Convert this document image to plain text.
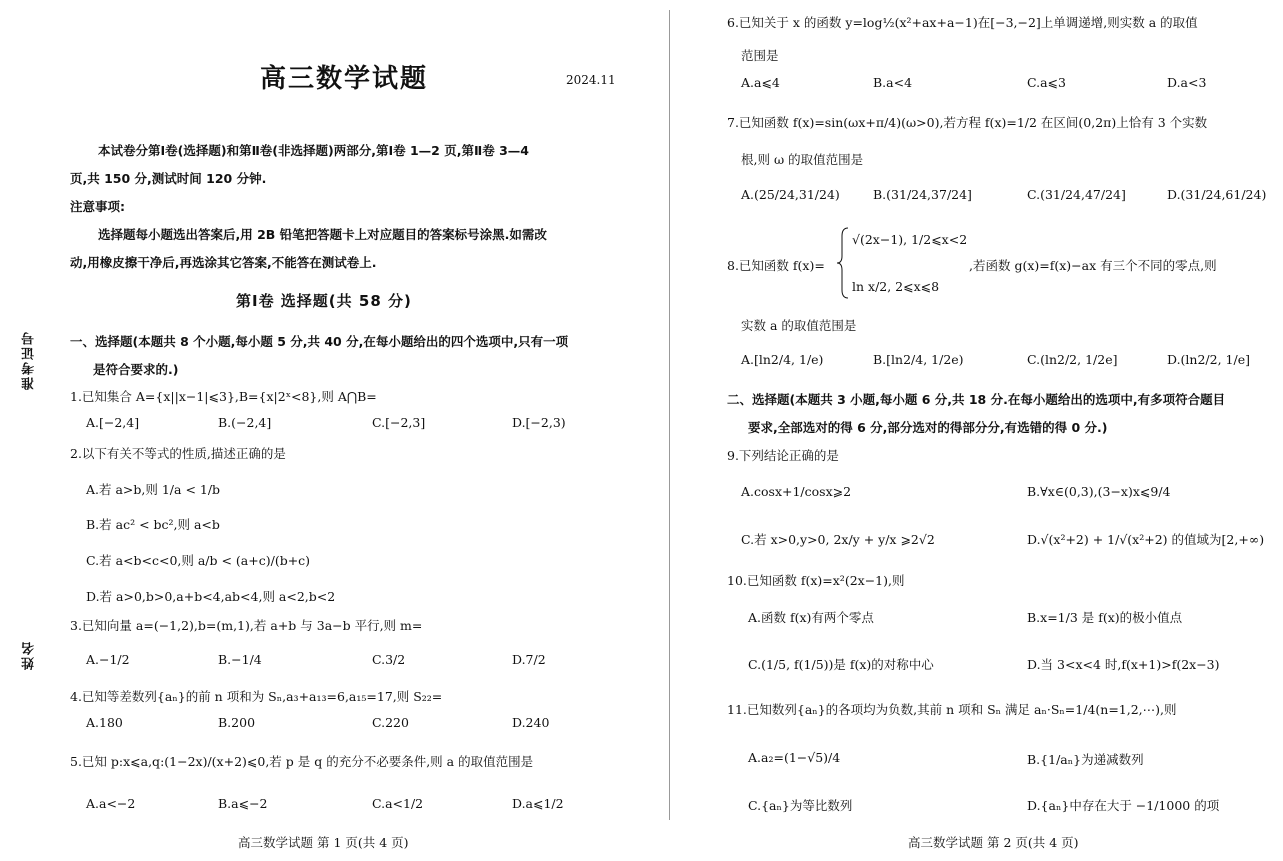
准考证号
姓名
高三数学试题	2024.11
本试卷分第Ⅰ卷(选择题)和第Ⅱ卷(非选择题)两部分,第Ⅰ卷 1—2 页,第Ⅱ卷 3—4
页,共 150 分,测试时间 120 分钟.
注意事项:
选择题每小题选出答案后,用 2B 铅笔把答题卡上对应题目的答案标号涂黑.如需改
动,用橡皮擦干净后,再选涂其它答案,不能答在测试卷上.
第Ⅰ卷 选择题(共 58 分)
一、选择题(本题共 8 个小题,每小题 5 分,共 40 分,在每小题给出的四个选项中,只有一项
是符合要求的.)
1.已知集合 A={x||x−1|⩽3},B={x|2ˣ<8},则 A⋂B=
A.[−2,4]	B.(−2,4]	C.[−2,3]	D.[−2,3)
2.以下有关不等式的性质,描述正确的是
A.若 a>b,则 1/a < 1/b
B.若 ac² < bc²,则 a<b
C.若 a<b<c<0,则 a/b < (a+c)/(b+c)
D.若 a>0,b>0,a+b<4,ab<4,则 a<2,b<2
3.已知向量 a=(−1,2),b=(m,1),若 a+b 与 3a−b 平行,则 m=
A.−1/2	B.−1/4	C.3/2	D.7/2
4.已知等差数列{aₙ}的前 n 项和为 Sₙ,a₃+a₁₃=6,a₁₅=17,则 S₂₂=
A.180	B.200	C.220	D.240
5.已知 p:x⩽a,q:(1−2x)/(x+2)⩽0,若 p 是 q 的充分不必要条件,则 a 的取值范围是
A.a<−2	B.a⩽−2	C.a<1/2	D.a⩽1/2
高三数学试题 第 1 页(共 4 页)
6.已知关于 x 的函数 y=log½(x²+ax+a−1)在[−3,−2]上单调递增,则实数 a 的取值
范围是
A.a⩽4	B.a<4	C.a⩽3	D.a<3
7.已知函数 f(x)=sin(ωx+π/4)(ω>0),若方程 f(x)=1/2 在区间(0,2π)上恰有 3 个实数
根,则 ω 的取值范围是
A.(25/24,31/24)	B.(31/24,37/24]	C.(31/24,47/24]	D.(31/24,61/24)
8.已知函数 f(x)=
√(2x−1), 1/2⩽x<2
ln x/2, 2⩽x⩽8
,若函数 g(x)=f(x)−ax 有三个不同的零点,则
实数 a 的取值范围是
A.[ln2/4, 1/e)	B.[ln2/4, 1/2e)	C.(ln2/2, 1/2e]	D.(ln2/2, 1/e]
二、选择题(本题共 3 小题,每小题 6 分,共 18 分.在每小题给出的选项中,有多项符合题目
要求,全部选对的得 6 分,部分选对的得部分分,有选错的得 0 分.)
9.下列结论正确的是
A.cosx+1/cosx⩾2	B.∀x∈(0,3),(3−x)x⩽9/4
C.若 x>0,y>0, 2x/y + y/x ⩾2√2	D.√(x²+2) + 1/√(x²+2) 的值域为[2,+∞)
10.已知函数 f(x)=x²(2x−1),则
A.函数 f(x)有两个零点	B.x=1/3 是 f(x)的极小值点
C.(1/5, f(1/5))是 f(x)的对称中心	D.当 3<x<4 时,f(x+1)>f(2x−3)
11.已知数列{aₙ}的各项均为负数,其前 n 项和 Sₙ 满足 aₙ·Sₙ=1/4(n=1,2,⋯),则
A.a₂=(1−√5)/4	B.{1/aₙ}为递减数列
C.{aₙ}为等比数列	D.{aₙ}中存在大于 −1/1000 的项
高三数学试题 第 2 页(共 4 页)
